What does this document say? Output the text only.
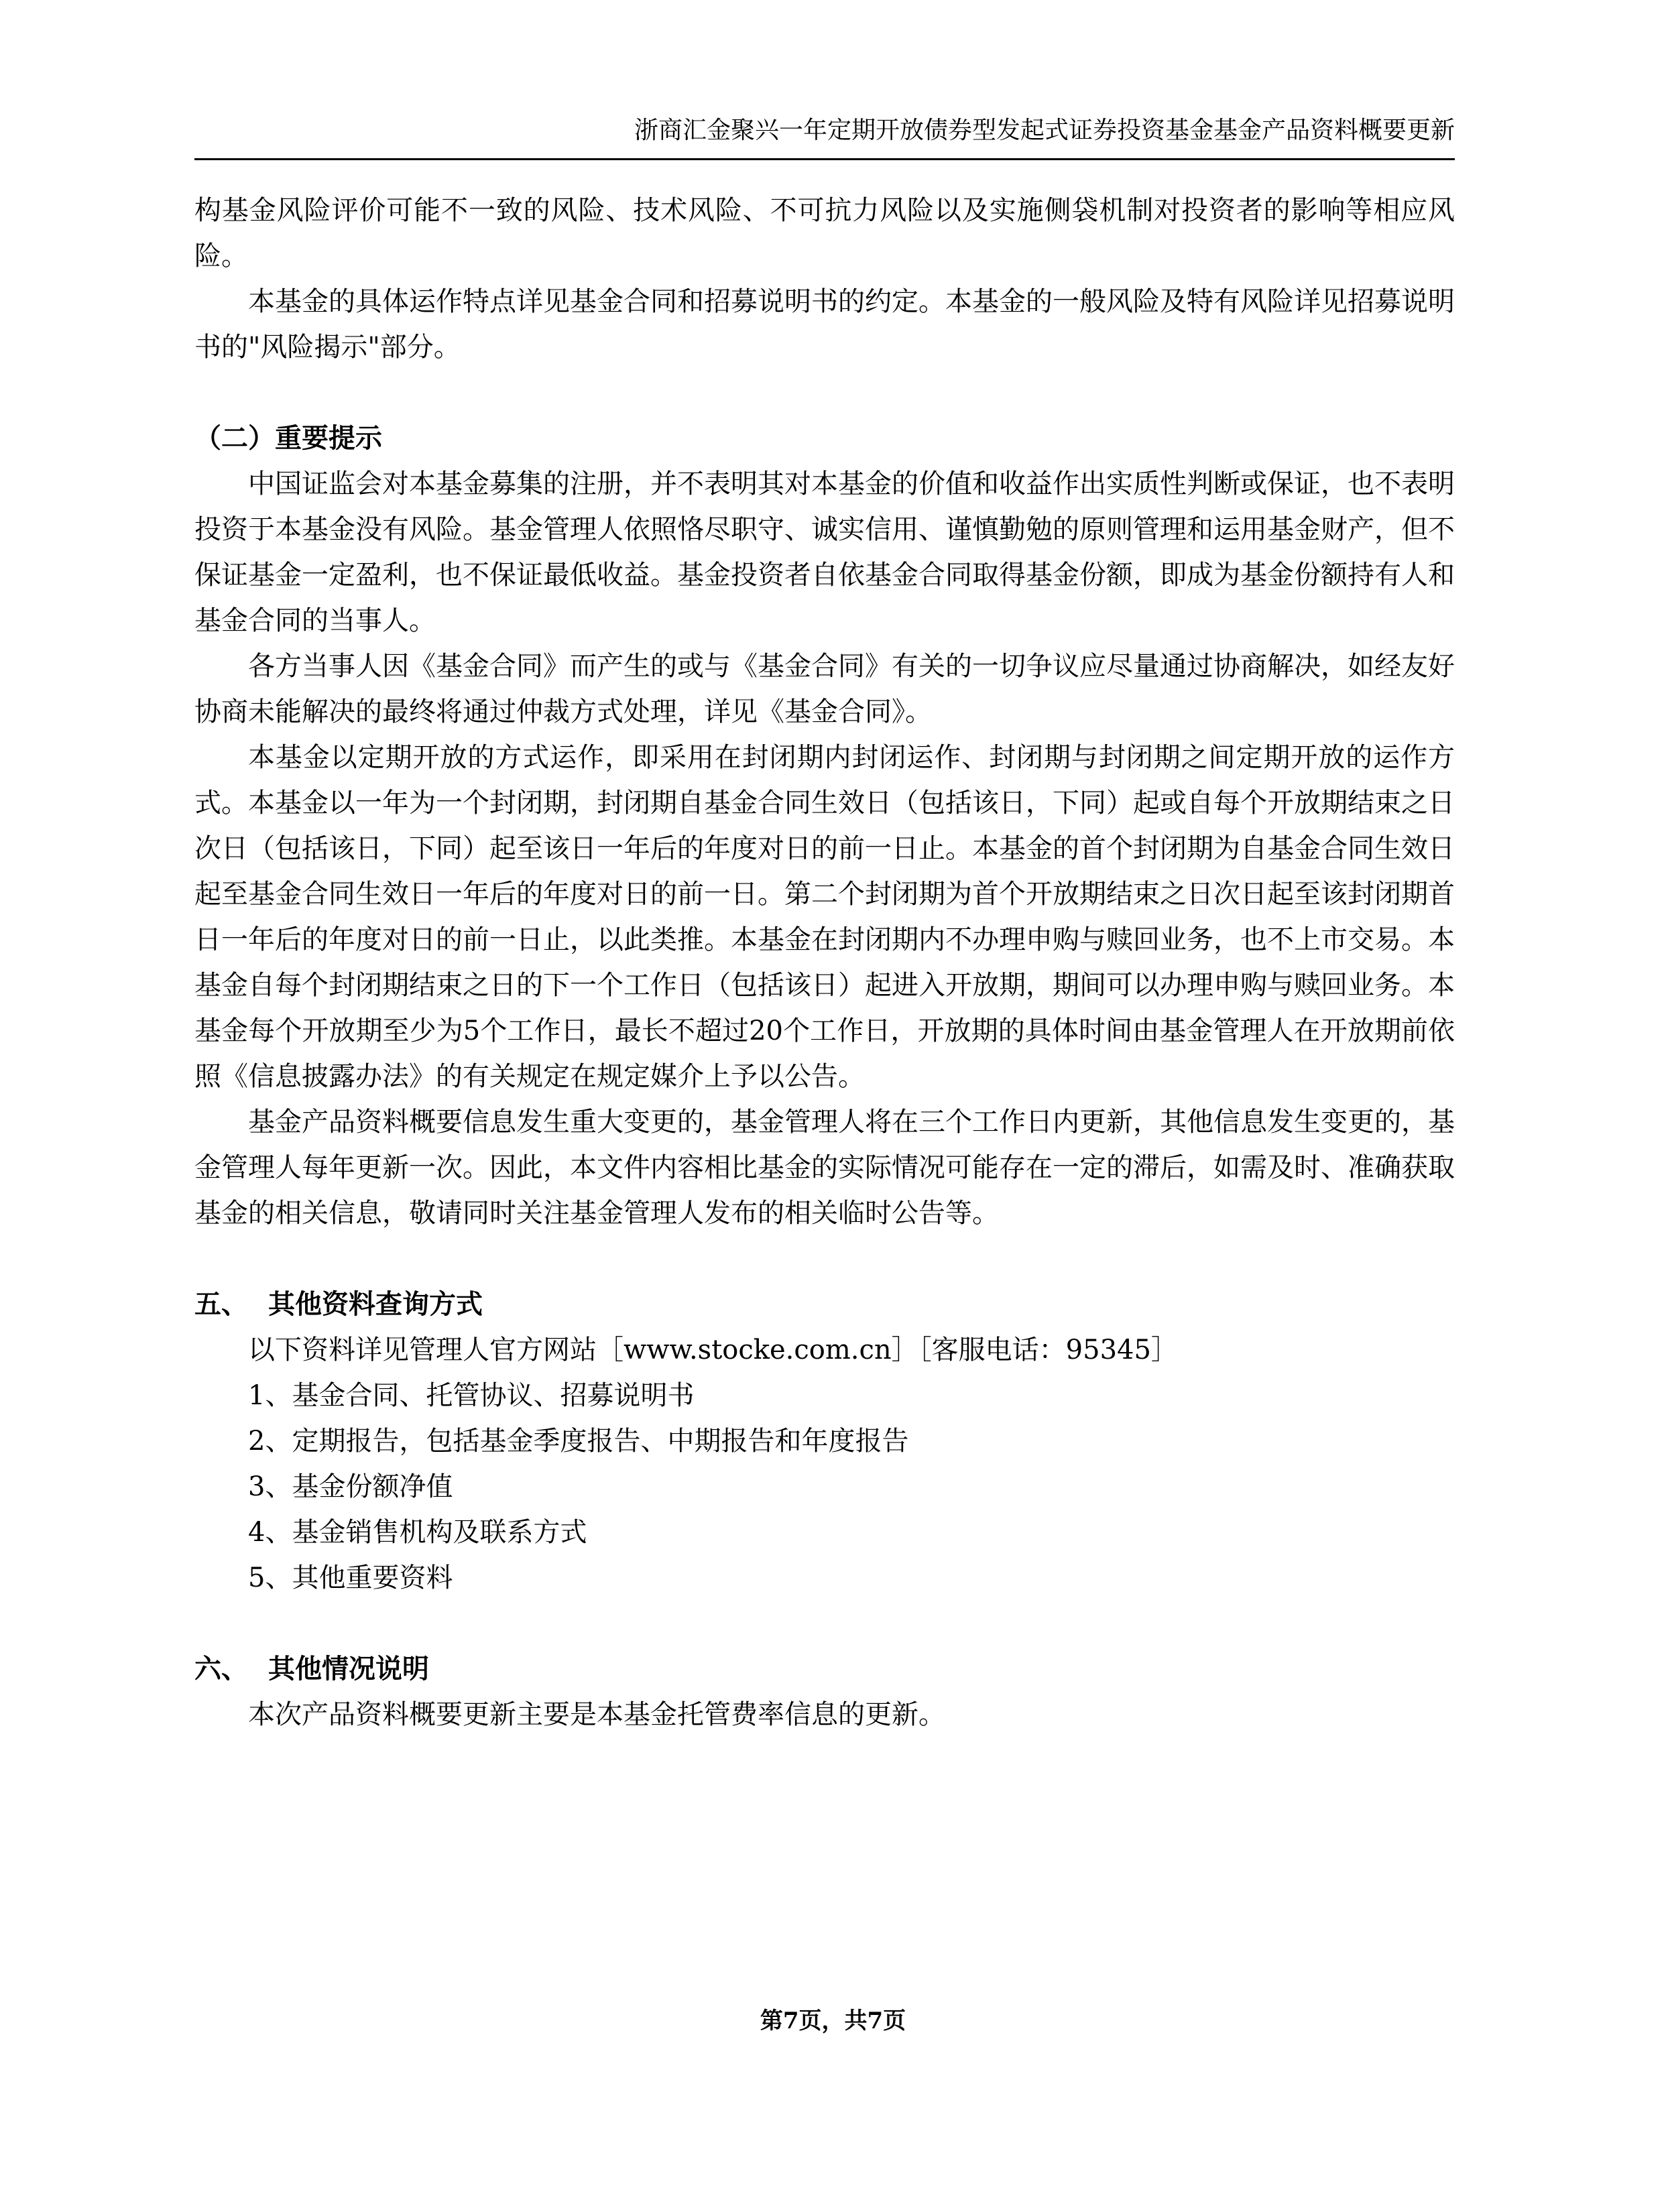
浙商汇金聚兴一年定期开放债券型发起式证券投资基金基金产品资料概要更新

构基金风险评价可能不一致的风险、技术风险、不可抗力风险以及实施侧袋机制对投资者的影响等相应风险。

本基金的具体运作特点详见基金合同和招募说明书的约定。本基金的一般风险及特有风险详见招募说明书的"风险揭示"部分。

（二）重要提示

中国证监会对本基金募集的注册，并不表明其对本基金的价值和收益作出实质性判断或保证，也不表明投资于本基金没有风险。基金管理人依照恪尽职守、诚实信用、谨慎勤勉的原则管理和运用基金财产，但不保证基金一定盈利，也不保证最低收益。基金投资者自依基金合同取得基金份额，即成为基金份额持有人和基金合同的当事人。

各方当事人因《基金合同》而产生的或与《基金合同》有关的一切争议应尽量通过协商解决，如经友好协商未能解决的最终将通过仲裁方式处理，详见《基金合同》。

本基金以定期开放的方式运作，即采用在封闭期内封闭运作、封闭期与封闭期之间定期开放的运作方式。本基金以一年为一个封闭期，封闭期自基金合同生效日（包括该日，下同）起或自每个开放期结束之日次日（包括该日，下同）起至该日一年后的年度对日的前一日止。本基金的首个封闭期为自基金合同生效日起至基金合同生效日一年后的年度对日的前一日。第二个封闭期为首个开放期结束之日次日起至该封闭期首日一年后的年度对日的前一日止，以此类推。本基金在封闭期内不办理申购与赎回业务，也不上市交易。本基金自每个封闭期结束之日的下一个工作日（包括该日）起进入开放期，期间可以办理申购与赎回业务。本基金每个开放期至少为5个工作日，最长不超过20个工作日，开放期的具体时间由基金管理人在开放期前依照《信息披露办法》的有关规定在规定媒介上予以公告。

基金产品资料概要信息发生重大变更的，基金管理人将在三个工作日内更新，其他信息发生变更的，基金管理人每年更新一次。因此，本文件内容相比基金的实际情况可能存在一定的滞后，如需及时、准确获取基金的相关信息，敬请同时关注基金管理人发布的相关临时公告等。

五、 其他资料查询方式

以下资料详见管理人官方网站［www.stocke.com.cn］［客服电话：95345］

1、基金合同、托管协议、招募说明书

2、定期报告，包括基金季度报告、中期报告和年度报告

3、基金份额净值

4、基金销售机构及联系方式

5、其他重要资料

六、 其他情况说明

本次产品资料概要更新主要是本基金托管费率信息的更新。

第7页，共7页
